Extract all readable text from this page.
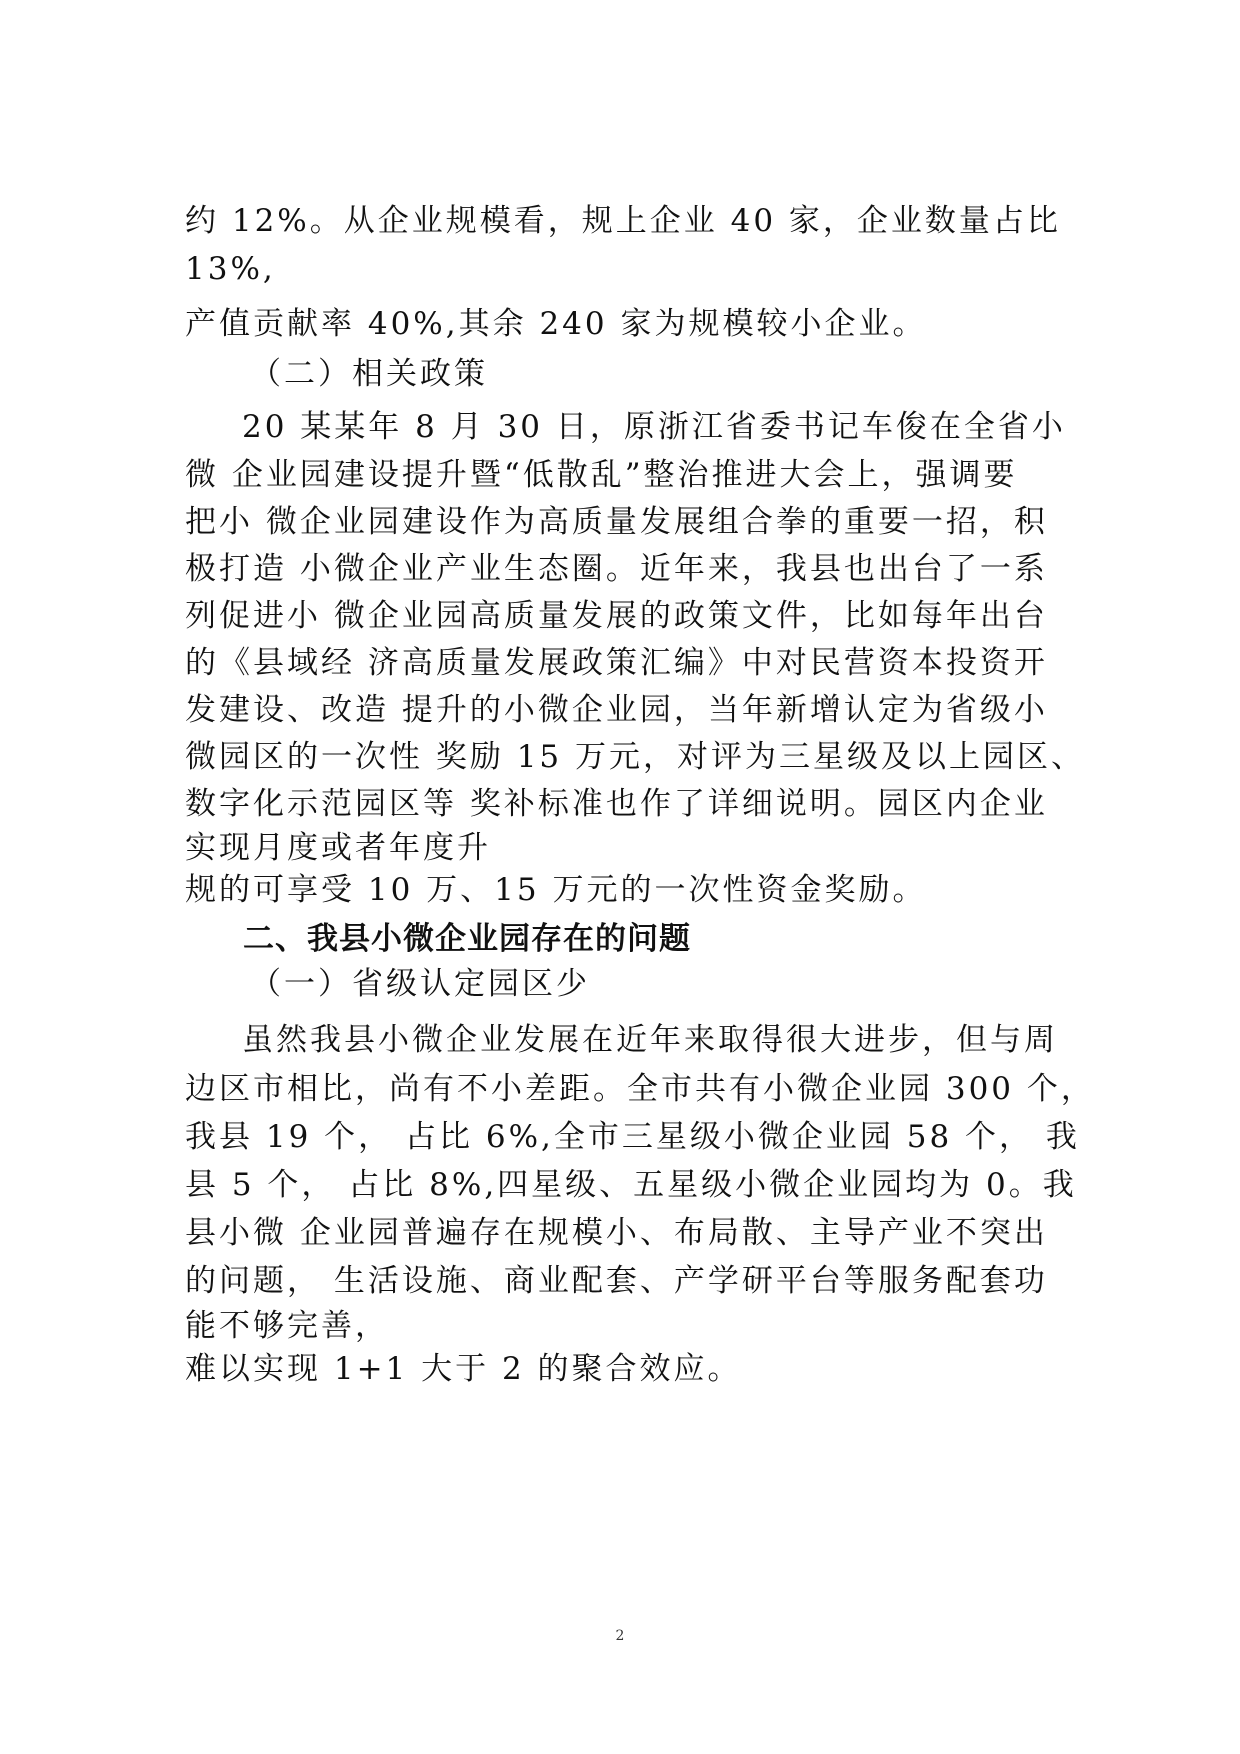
约 12%。从企业规模看，规上企业 40 家，企业数量占比

13%,

产值贡献率 40%,其余 240 家为规模较小企业。

（二）相关政策

20 某某年 8 月 30 日，原浙江省委书记车俊在全省小

微 企业园建设提升暨“低散乱”整治推进大会上，强调要

把小 微企业园建设作为高质量发展组合拳的重要一招，积

极打造 小微企业产业生态圈。近年来，我县也出台了一系

列促进小 微企业园高质量发展的政策文件，比如每年出台

的《县域经 济高质量发展政策汇编》中对民营资本投资开

发建设、改造 提升的小微企业园，当年新增认定为省级小

微园区的一次性 奖励 15 万元，对评为三星级及以上园区、

数字化示范园区等 奖补标准也作了详细说明。园区内企业

实现月度或者年度升

规的可享受 10 万、15 万元的一次性资金奖励。

二、我县小微企业园存在的问题

（一）省级认定园区少

虽然我县小微企业发展在近年来取得很大进步，但与周

边区市相比，尚有不小差距。全市共有小微企业园 300 个，

我县 19 个， 占比 6%,全市三星级小微企业园 58 个， 我

县 5 个， 占比 8%,四星级、五星级小微企业园均为 0。我

县小微 企业园普遍存在规模小、布局散、主导产业不突出

的问题， 生活设施、商业配套、产学研平台等服务配套功

能不够完善，

难以实现 1+1 大于 2 的聚合效应。

2
